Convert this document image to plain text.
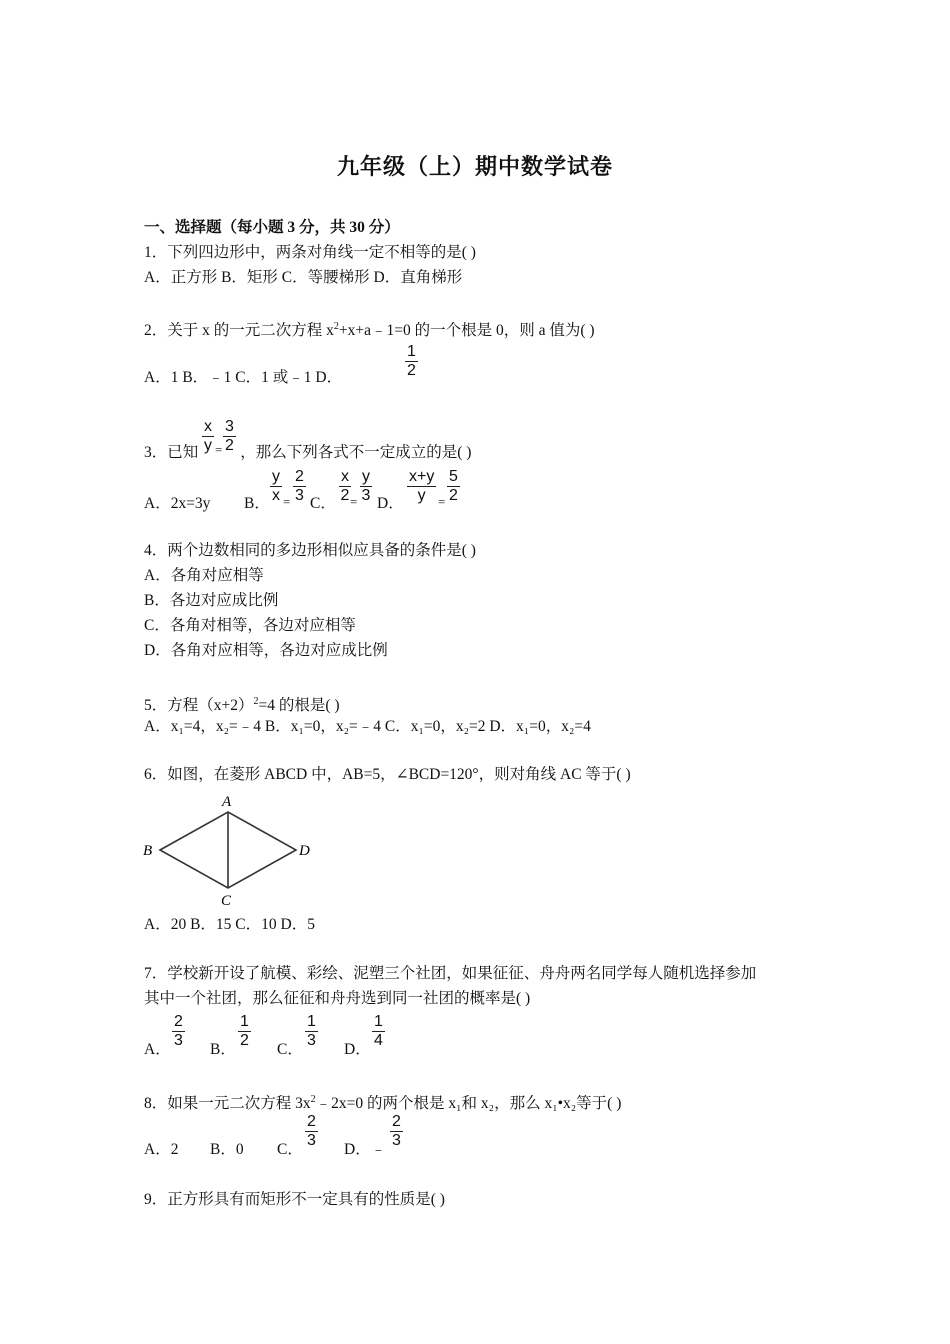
九年级（上）期中数学试卷
一、选择题（每小题 3 分，共 30 分）
1．下列四边形中，两条对角线一定不相等的是( )
A．正方形 B．矩形 C．等腰梯形 D．直角梯形
2．关于 x 的一元二次方程 $x^2+x+a﹣1=0$ 的一个根是 0，则 a 值为( )
A．1 B．﹣1 C．1 或﹣1 D．	$\frac{1}{2}$
3．已知	，那么下列各式不一定成立的是( )
$\frac{x}{y} = \frac{3}{2}$
A．2x=3y B． $\frac{y}{x} = \frac{2}{3}$ C． $\frac{x}{2} = \frac{y}{3}$ D． $\frac{x+y}{y} = \frac{5}{2}$
4．两个边数相同的多边形相似应具备的条件是( )
A．各角对应相等
B．各边对应成比例
C．各角对相等，各边对应相等
D．各角对应相等，各边对应成比例
5．方程$(x+2)^2=4$ 的根是( )
A．x₁=4，x₂=﹣4 B．x₁=0，x₂=﹣4 C．x₁=0，x₂=2 D．x₁=0，x₂=4
6．如图，在菱形 ABCD 中，AB=5，∠BCD=120°，则对角线 AC 等于( )
A
B
C
D
A．20 B．15 C．10 D．5
7．学校新开设了航模、彩绘、泥塑三个社团，如果征征、舟舟两名同学每人随机选择参加
其中一个社团，那么征征和舟舟选到同一社团的概率是( )
A． $\frac{2}{3}$ B． $\frac{1}{2}$ C． $\frac{1}{3}$ D． $\frac{1}{4}$
8．如果一元二次方程 $3x^2﹣2x=0$ 的两个根是 x₁和 x₂，那么 x₁•x₂等于( )
A．2 B．0 C． $\frac{2}{3}$ D．﹣ $\frac{2}{3}$
9．正方形具有而矩形不一定具有的性质是( )
